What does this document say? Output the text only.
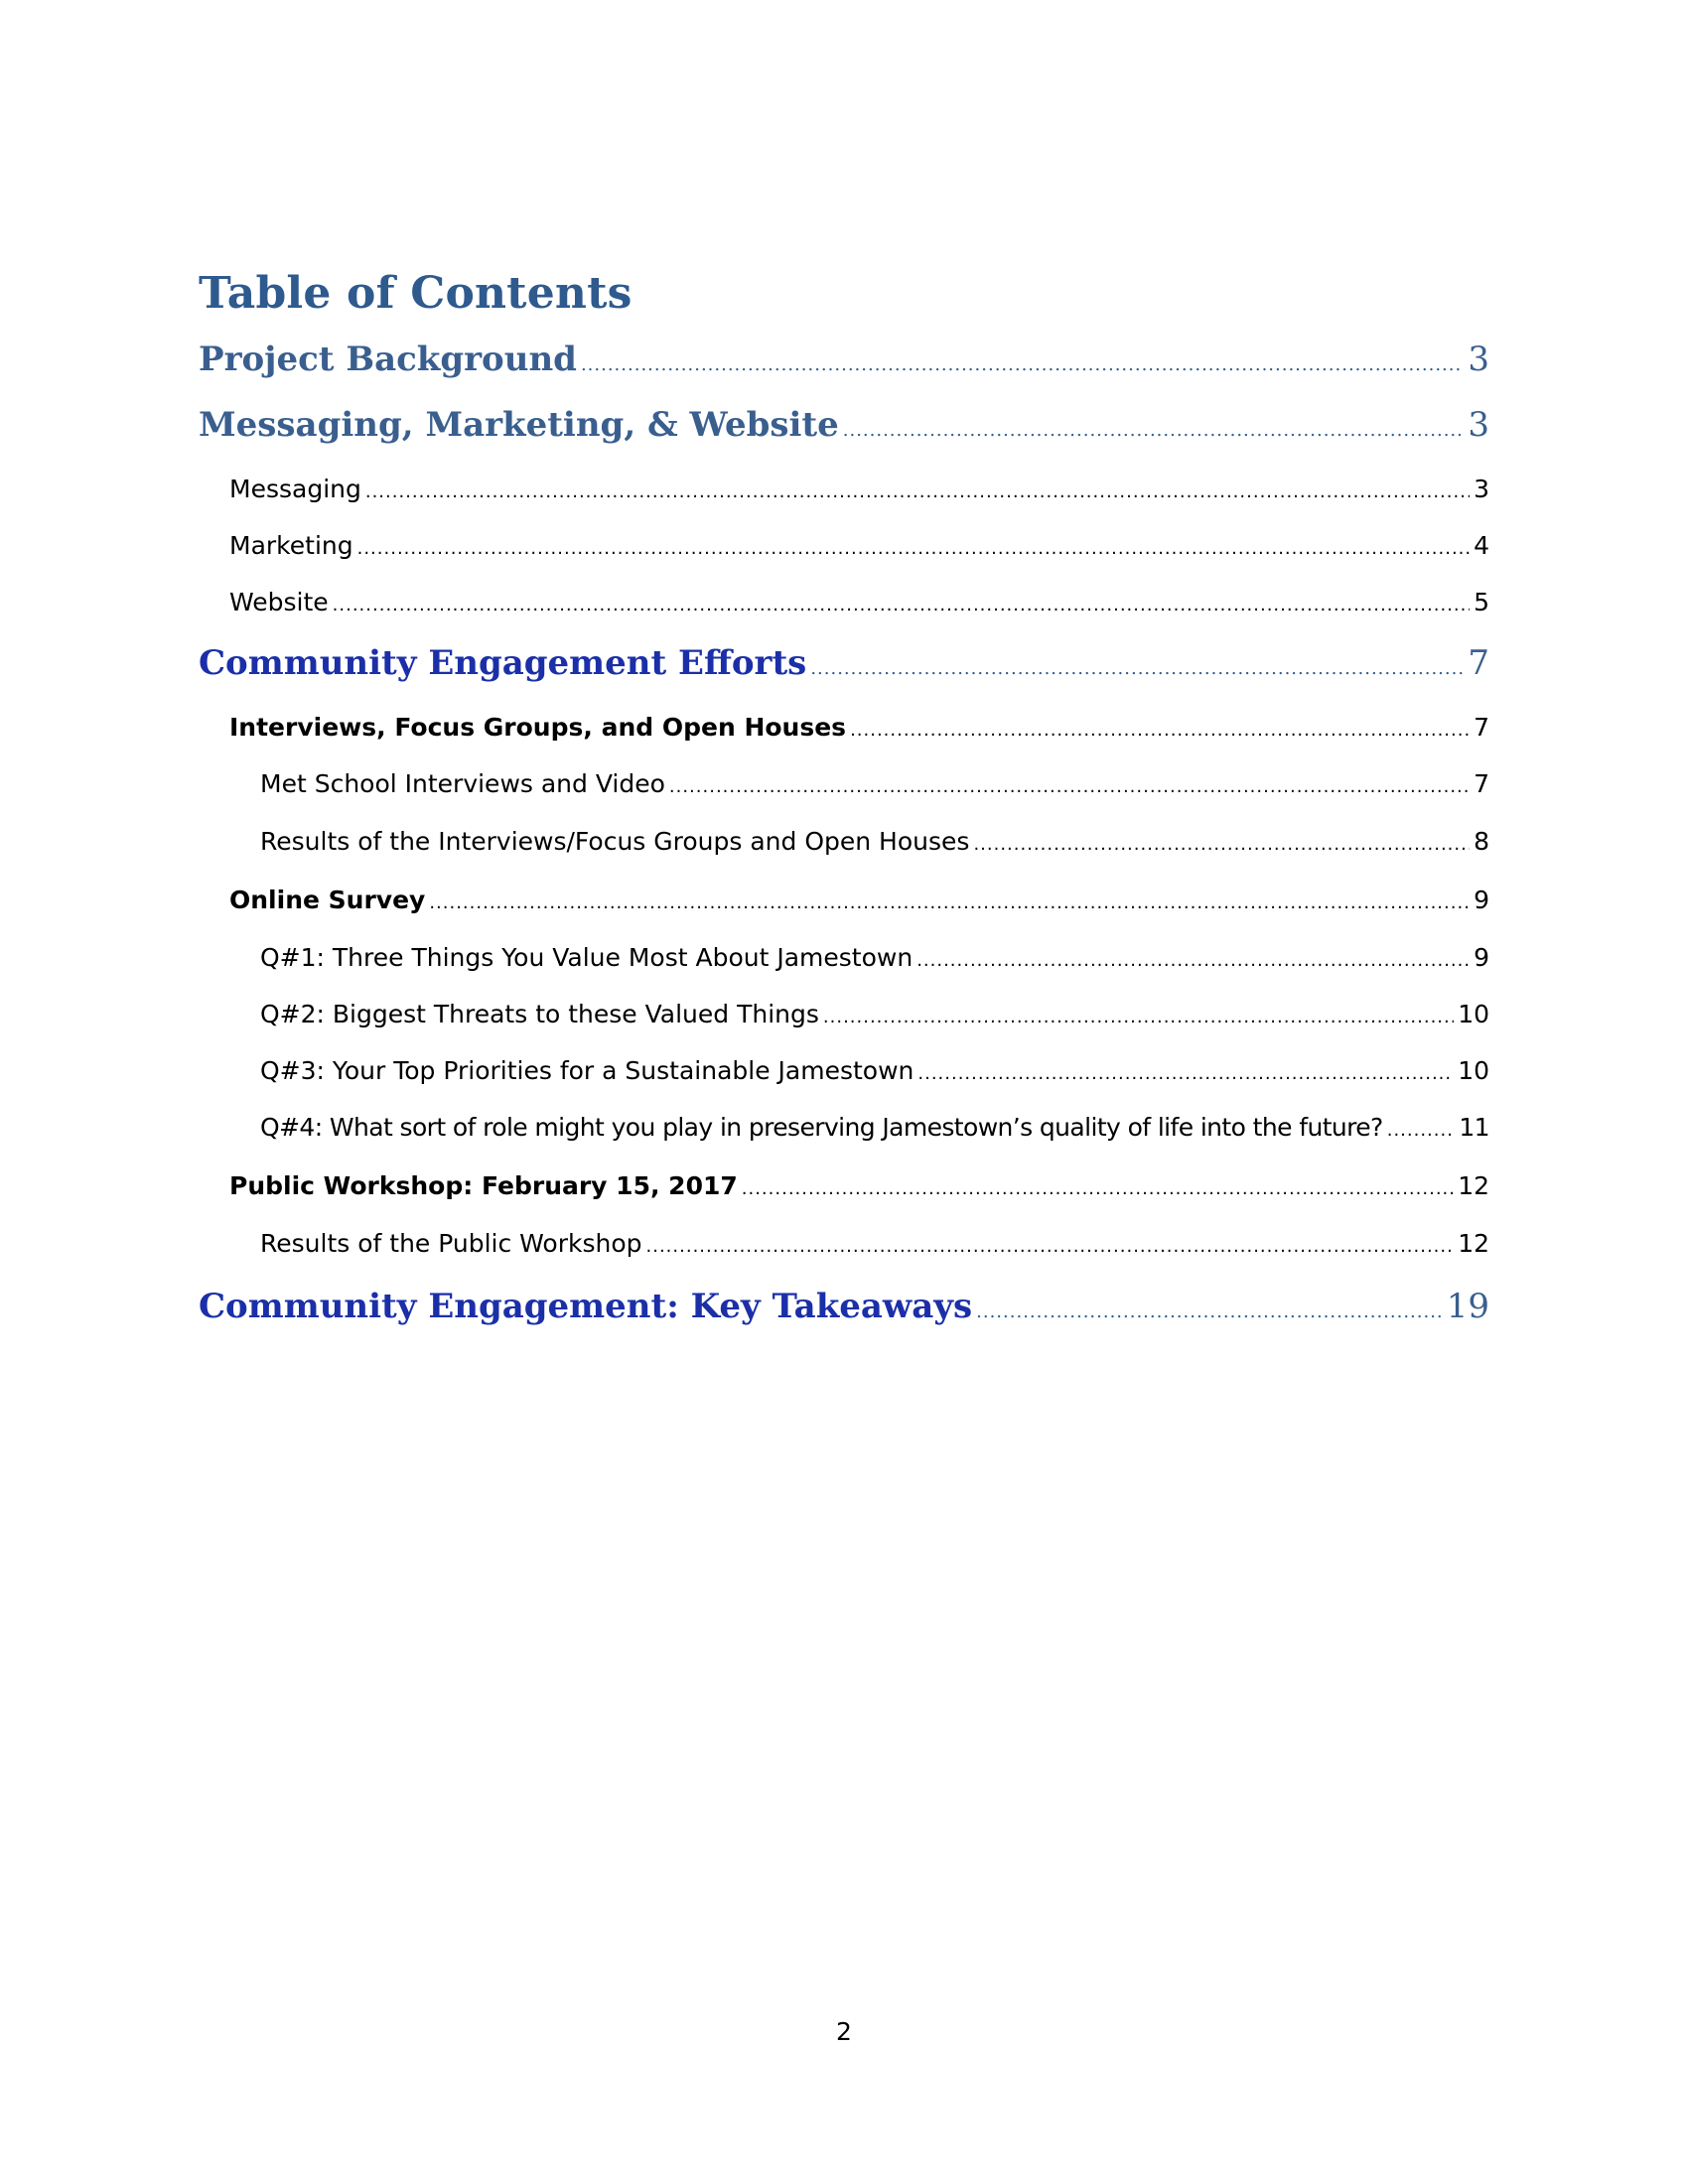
Table of Contents
Project Background .....	3
Messaging, Marketing, & Website .....	3
Messaging .....	3
Marketing .....	4
Website .....	5
Community Engagement Efforts .....	7
Interviews, Focus Groups, and Open Houses .....	7
Met School Interviews and Video .....	7
Results of the Interviews/Focus Groups and Open Houses .....	8
Online Survey .....	9
Q#1: Three Things You Value Most About Jamestown .....	9
Q#2: Biggest Threats to these Valued Things .....	10
Q#3: Your Top Priorities for a Sustainable Jamestown .....	10
Q#4: What sort of role might you play in preserving Jamestown’s quality of life into the future? .....	11
Public Workshop: February 15, 2017 .....	12
Results of the Public Workshop .....	12
Community Engagement: Key Takeaways .....	19
2
